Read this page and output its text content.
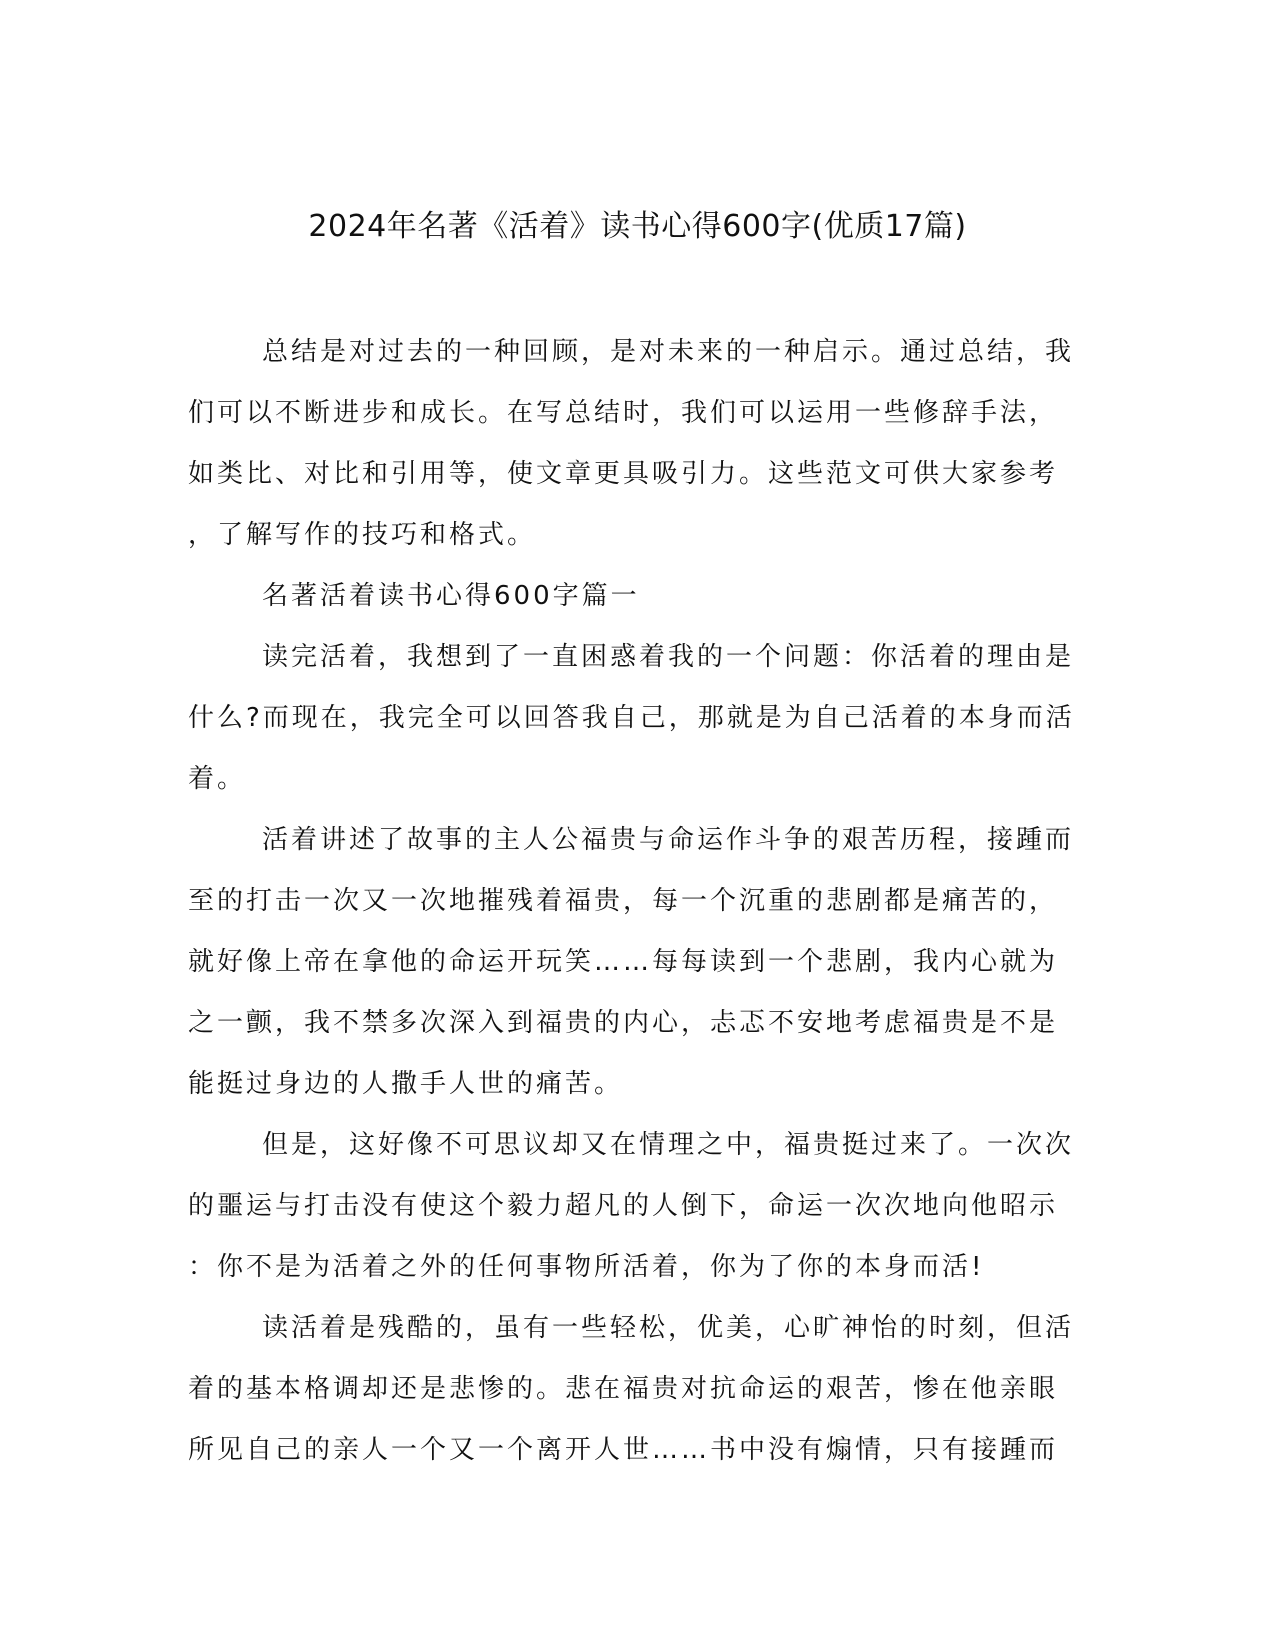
2024年名著《活着》读书心得600字(优质17篇)
总结是对过去的一种回顾，是对未来的一种启示。通过总结，我
们可以不断进步和成长。在写总结时，我们可以运用一些修辞手法，
如类比、对比和引用等，使文章更具吸引力。这些范文可供大家参考
，了解写作的技巧和格式。
名著活着读书心得600字篇一
读完活着，我想到了一直困惑着我的一个问题：你活着的理由是
什么?而现在，我完全可以回答我自己，那就是为自己活着的本身而活
着。
活着讲述了故事的主人公福贵与命运作斗争的艰苦历程，接踵而
至的打击一次又一次地摧残着福贵，每一个沉重的悲剧都是痛苦的，
就好像上帝在拿他的命运开玩笑……每每读到一个悲剧，我内心就为
之一颤，我不禁多次深入到福贵的内心，忐忑不安地考虑福贵是不是
能挺过身边的人撒手人世的痛苦。
但是，这好像不可思议却又在情理之中，福贵挺过来了。一次次
的噩运与打击没有使这个毅力超凡的人倒下，命运一次次地向他昭示
：你不是为活着之外的任何事物所活着，你为了你的本身而活!
读活着是残酷的，虽有一些轻松，优美，心旷神怡的时刻，但活
着的基本格调却还是悲惨的。悲在福贵对抗命运的艰苦，惨在他亲眼
所见自己的亲人一个又一个离开人世……书中没有煽情，只有接踵而
